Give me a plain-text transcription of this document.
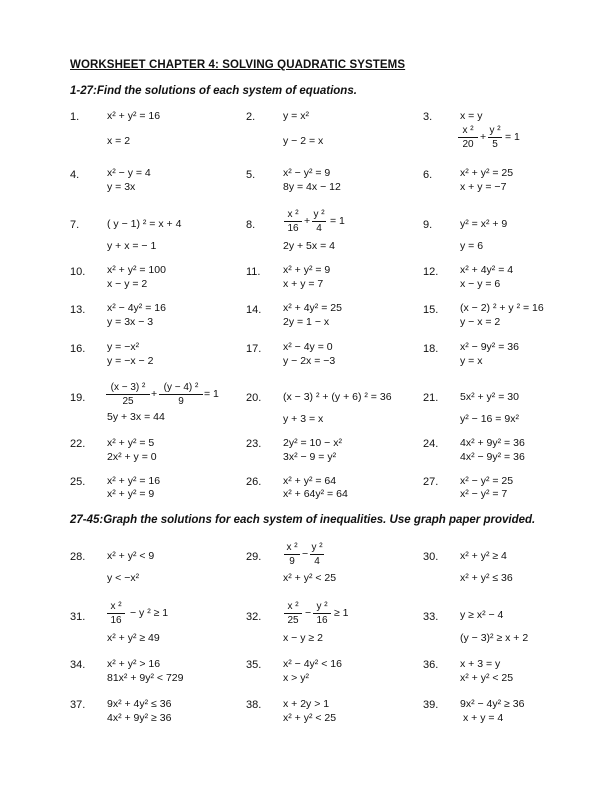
WORKSHEET CHAPTER 4: SOLVING QUADRATIC SYSTEMS
1-27:Find the solutions of each system of equations.
1.	x² + y² = 16
x = 2
2.	y = x²
y − 2 = x
3.	x = y
x ²
20
+
y ²
5
= 1
4.	x² − y = 4
y = 3x
5.	x² − y² = 9
8y = 4x − 12
6.	x² + y² = 25
x + y = −7
7.	( y − 1) ² = x + 4
y + x = − 1
8.
x ²
16
+
y ²
4
= 1
2y + 5x = 4
9.	y² = x² + 9
y = 6
10. x² + y² = 100
x − y = 2
11. x² + y² = 9
x + y = 7
12. x² + 4y² = 4
x − y = 6
13. x² − 4y² = 16
y = 3x − 3
14. x² + 4y² = 25
2y = 1 − x
15. (x − 2) ² + y ² = 16
y − x = 2
16. y = −x²
y = −x − 2
17. x² − 4y = 0
y − 2x = −3
18. x² − 9y² = 36
y = x
19.
(x − 3) ²
25
+
(y − 4) ²
9
= 1
5y + 3x = 44
20. (x − 3) ² + (y + 6) ² = 36
y + 3 = x
21. 5x² + y² = 30
y² − 16 = 9x²
22. x² + y² = 5
2x² + y = 0
23. 2y² = 10 − x²
3x² − 9 = y²
24. 4x² + 9y² = 36
4x² − 9y² = 36
25. x² + y² = 16
x² + y² = 9
26. x² + y² = 64
x² + 64y² = 64
27. x² − y² = 25
x² − y² = 7
27-45:Graph the solutions for each system of inequalities. Use graph paper provided.
28. x² + y² < 9
y < −x²
29.
x ²
9
−
y ²
4
x² + y² < 25
30. x² + y² ≥ 4
x² + y² ≤ 36
31.
x ²
16
− y ² ≥ 1
x² + y² ≥ 49
32.
x ²
25
−
y ²
16
≥ 1
x − y ≥ 2
33. y ≥ x² − 4
(y − 3)² ≥ x + 2
34. x² + y² > 16
81x² + 9y² < 729
35. x² − 4y² < 16
x > y²
36. x + 3 = y
x² + y² < 25
37. 9x² + 4y² ≤ 36
4x² + 9y² ≥ 36
38. x + 2y > 1
x² + y² < 25
39. 9x² − 4y² ≥ 36
x + y = 4
